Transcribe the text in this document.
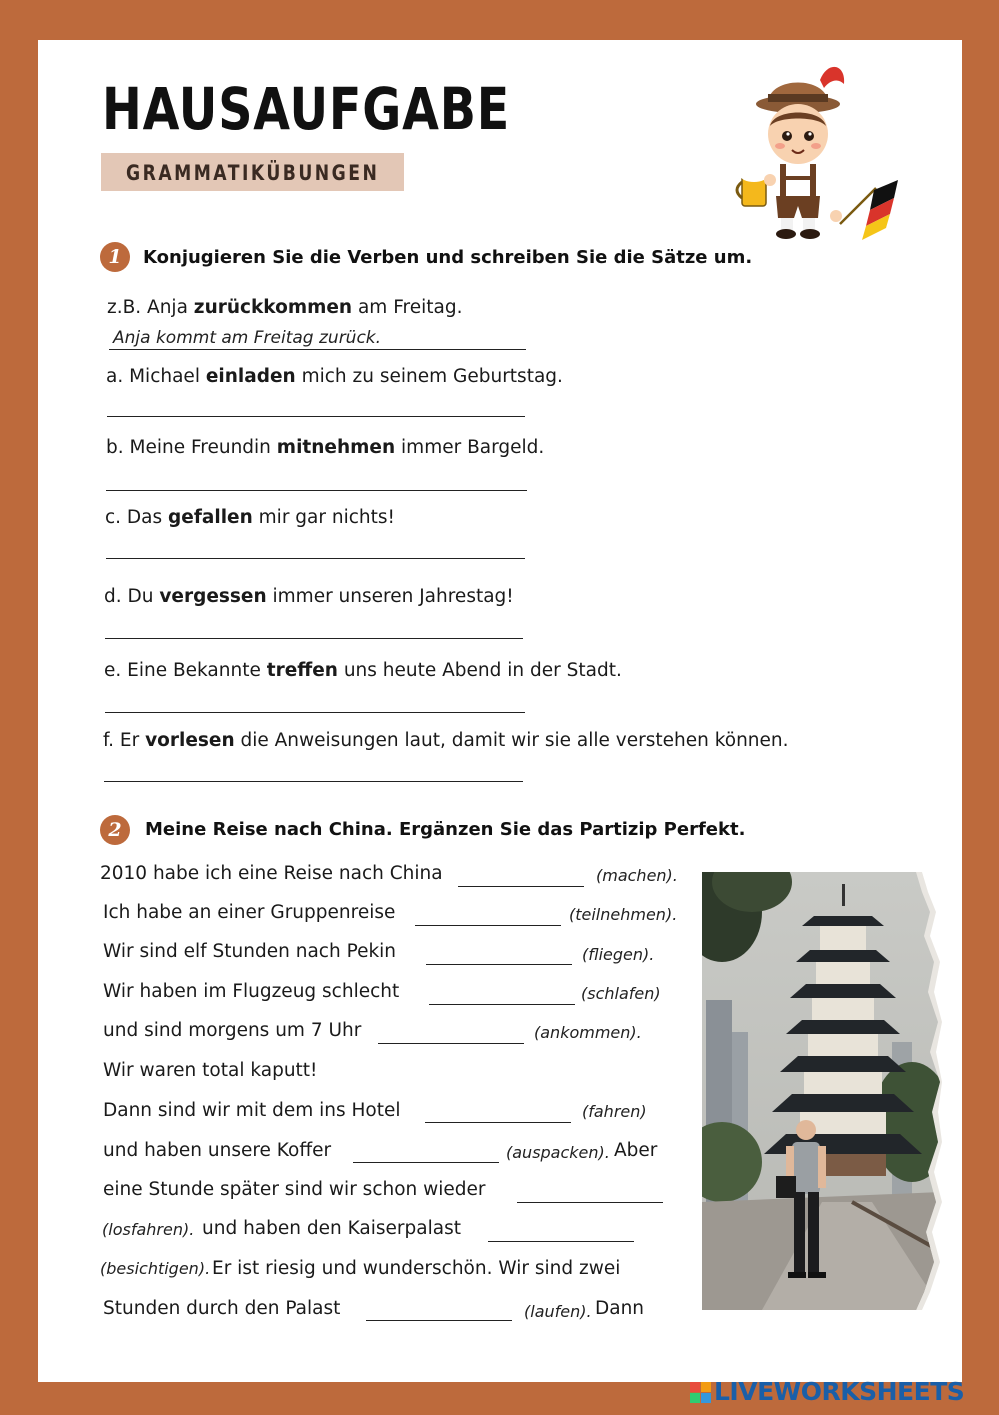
HAUSAUFGABE
GRAMMATIKÜBUNGEN
1	Konjugieren Sie die Verben und schreiben Sie die Sätze um.
z.B. Anja zurückkommen am Freitag.
Anja kommt am Freitag zurück.
a. Michael einladen mich zu seinem Geburtstag.
b. Meine Freundin mitnehmen immer Bargeld.
c. Das gefallen mir gar nichts!
d. Du vergessen immer unseren Jahrestag!
e. Eine Bekannte treffen uns heute Abend in der Stadt.
f. Er vorlesen die Anweisungen laut, damit wir sie alle verstehen können.
2	Meine Reise nach China. Ergänzen Sie das Partizip Perfekt.
2010 habe ich eine Reise nach China	(machen).
Ich habe an einer Gruppenreise	(teilnehmen).
Wir sind elf Stunden nach Pekin	(fliegen).
Wir haben im Flugzeug schlecht	(schlafen)
und sind morgens um 7 Uhr	(ankommen).
Wir waren total kaputt!
Dann sind wir mit dem ins Hotel	(fahren)
und haben unsere Koffer	(auspacken). Aber
eine Stunde später sind wir schon wieder
(losfahren). und haben den Kaiserpalast
(besichtigen). Er ist riesig und wunderschön. Wir sind zwei
Stunden durch den Palast	(laufen). Dann
LIVEWORKSHEETS
